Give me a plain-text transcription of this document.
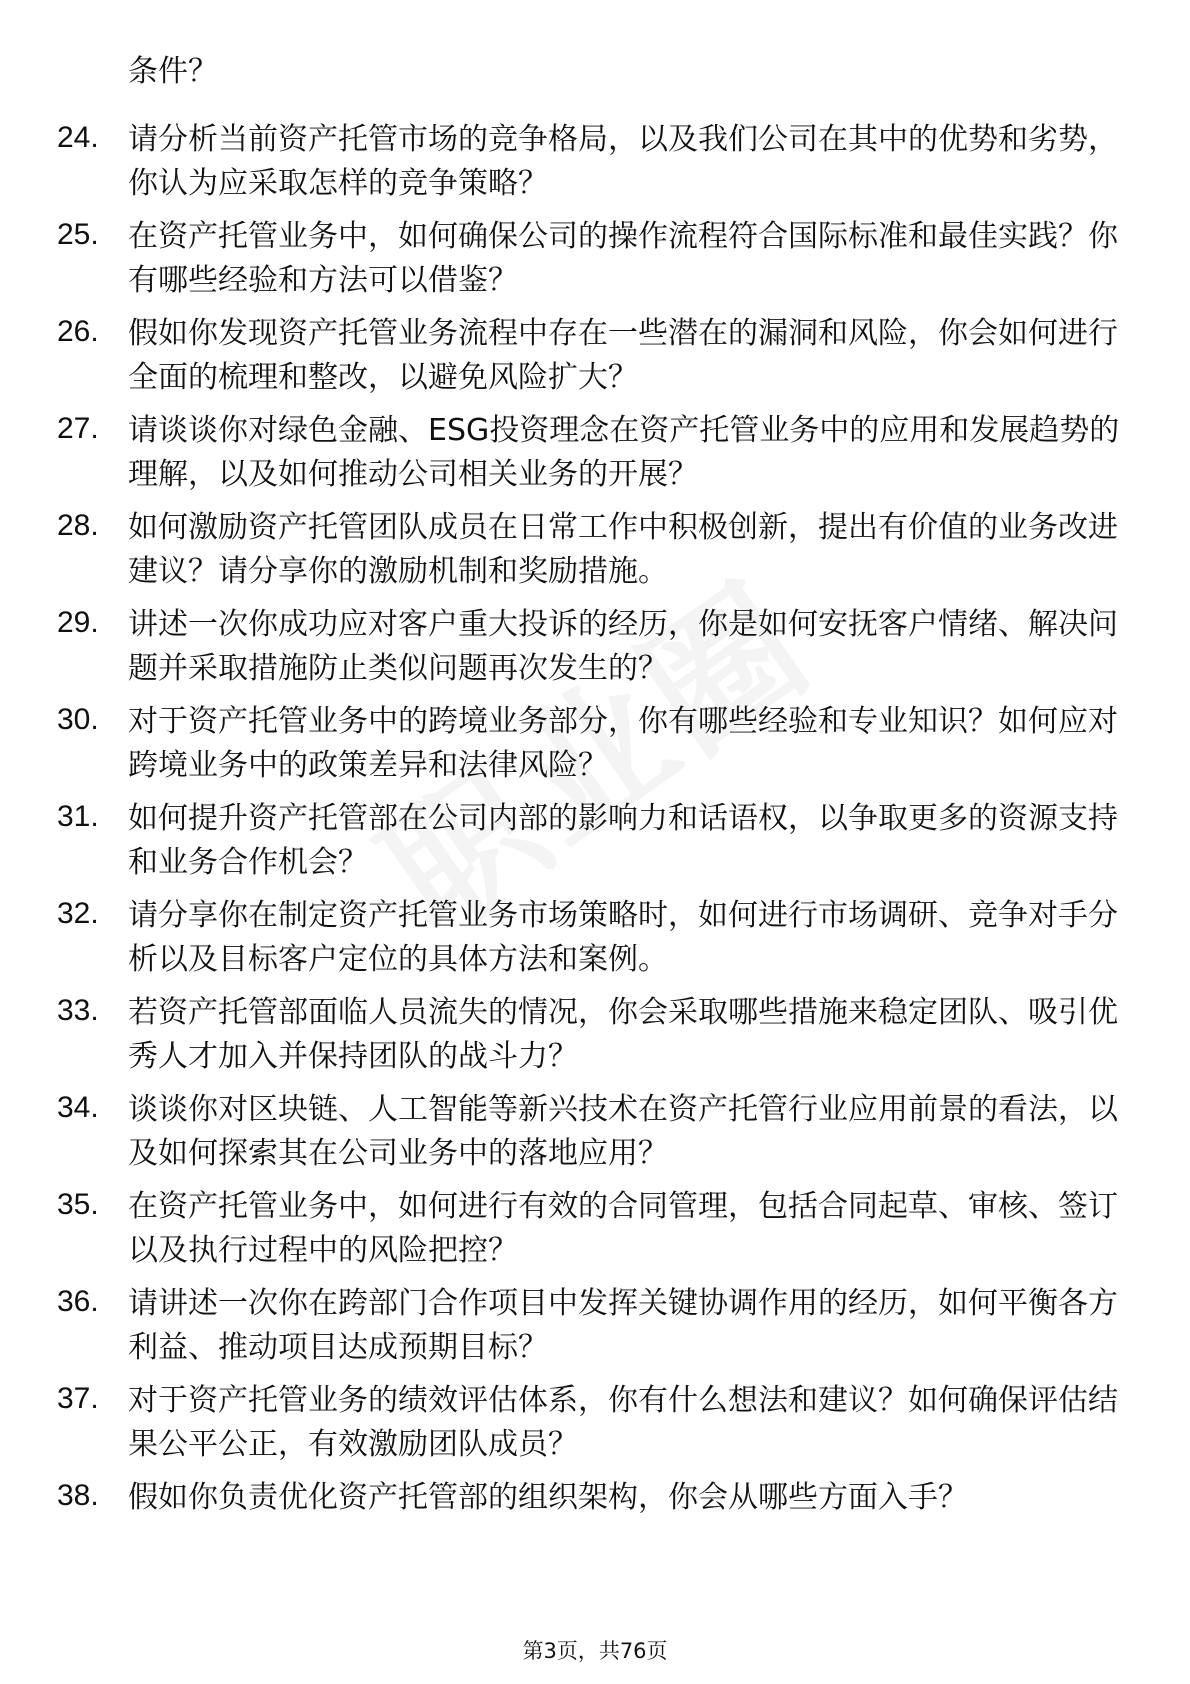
条件？

24. 请分析当前资产托管市场的竞争格局，以及我们公司在其中的优势和劣势，你认为应采取怎样的竞争策略？

25. 在资产托管业务中，如何确保公司的操作流程符合国际标准和最佳实践？你有哪些经验和方法可以借鉴？

26. 假如你发现资产托管业务流程中存在一些潜在的漏洞和风险，你会如何进行全面的梳理和整改，以避免风险扩大？

27. 请谈谈你对绿色金融、ESG投资理念在资产托管业务中的应用和发展趋势的理解，以及如何推动公司相关业务的开展？

28. 如何激励资产托管团队成员在日常工作中积极创新，提出有价值的业务改进建议？请分享你的激励机制和奖励措施。

29. 讲述一次你成功应对客户重大投诉的经历，你是如何安抚客户情绪、解决问题并采取措施防止类似问题再次发生的？

30. 对于资产托管业务中的跨境业务部分，你有哪些经验和专业知识？如何应对跨境业务中的政策差异和法律风险？

31. 如何提升资产托管部在公司内部的影响力和话语权，以争取更多的资源支持和业务合作机会？

32. 请分享你在制定资产托管业务市场策略时，如何进行市场调研、竞争对手分析以及目标客户定位的具体方法和案例。

33. 若资产托管部面临人员流失的情况，你会采取哪些措施来稳定团队、吸引优秀人才加入并保持团队的战斗力？

34. 谈谈你对区块链、人工智能等新兴技术在资产托管行业应用前景的看法，以及如何探索其在公司业务中的落地应用？

35. 在资产托管业务中，如何进行有效的合同管理，包括合同起草、审核、签订以及执行过程中的风险把控？

36. 请讲述一次你在跨部门合作项目中发挥关键协调作用的经历，如何平衡各方利益、推动项目达成预期目标？

37. 对于资产托管业务的绩效评估体系，你有什么想法和建议？如何确保评估结果公平公正，有效激励团队成员？

38. 假如你负责优化资产托管部的组织架构，你会从哪些方面入手？

第3页，共76页
